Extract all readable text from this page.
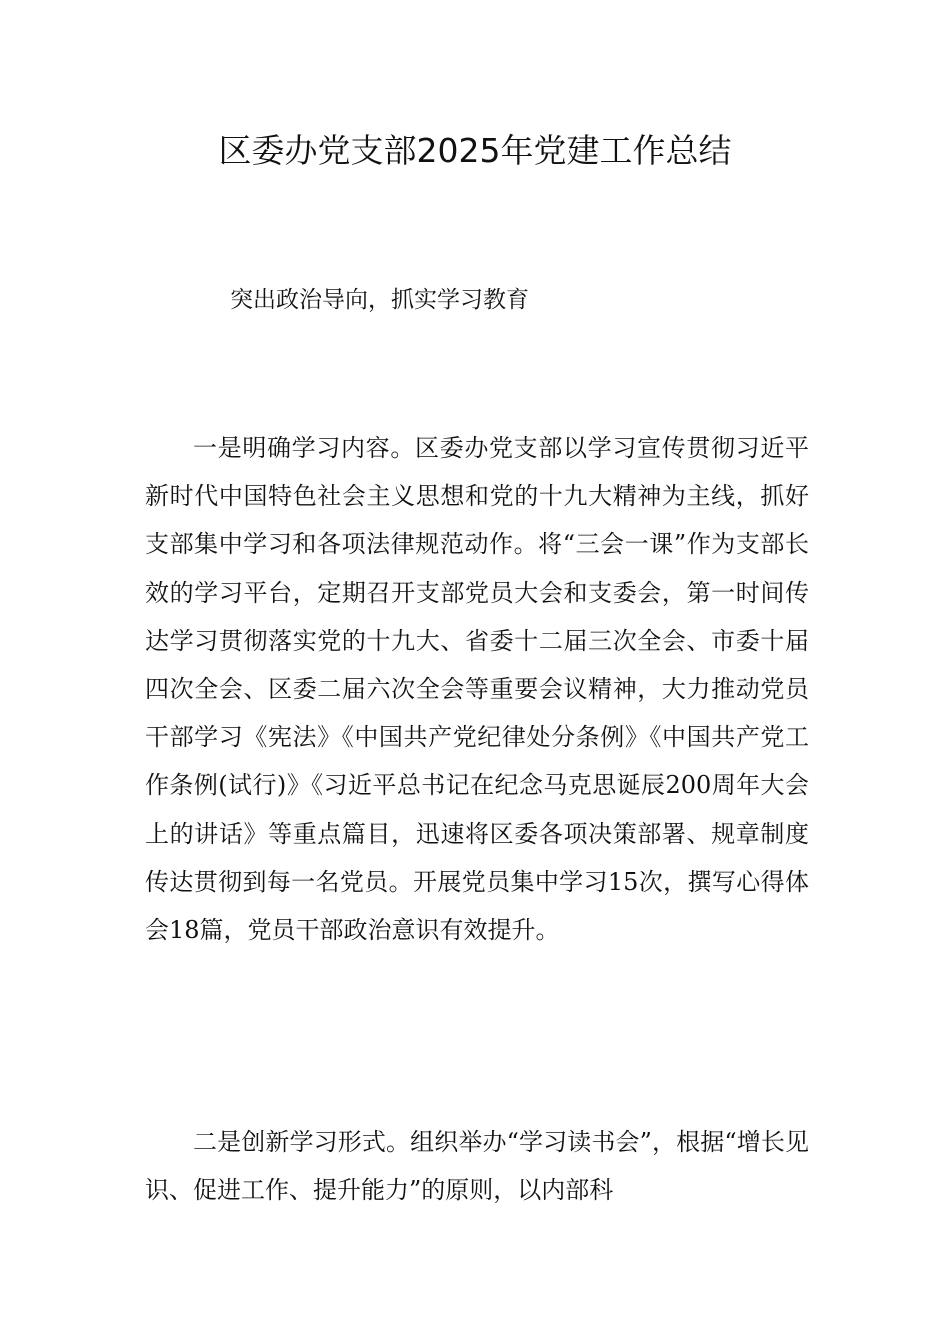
区委办党支部2025年党建工作总结
突出政治导向，抓实学习教育

一是明确学习内容。区委办党支部以学习宣传贯彻习近平新时代中国特色社会主义思想和党的十九大精神为主线，抓好支部集中学习和各项法律规范动作。将“三会一课”作为支部长效的学习平台，定期召开支部党员大会和支委会，第一时间传达学习贯彻落实党的十九大、省委十二届三次全会、市委十届四次全会、区委二届六次全会等重要会议精神，大力推动党员干部学习《宪法》《中国共产党纪律处分条例》《中国共产党工作条例(试行)》《习近平总书记在纪念马克思诞辰200周年大会上的讲话》等重点篇目，迅速将区委各项决策部署、规章制度传达贯彻到每一名党员。开展党员集中学习15次，撰写心得体会18篇，党员干部政治意识有效提升。

二是创新学习形式。组织举办“学习读书会”，根据“增长见识、促进工作、提升能力”的原则，以内部科
